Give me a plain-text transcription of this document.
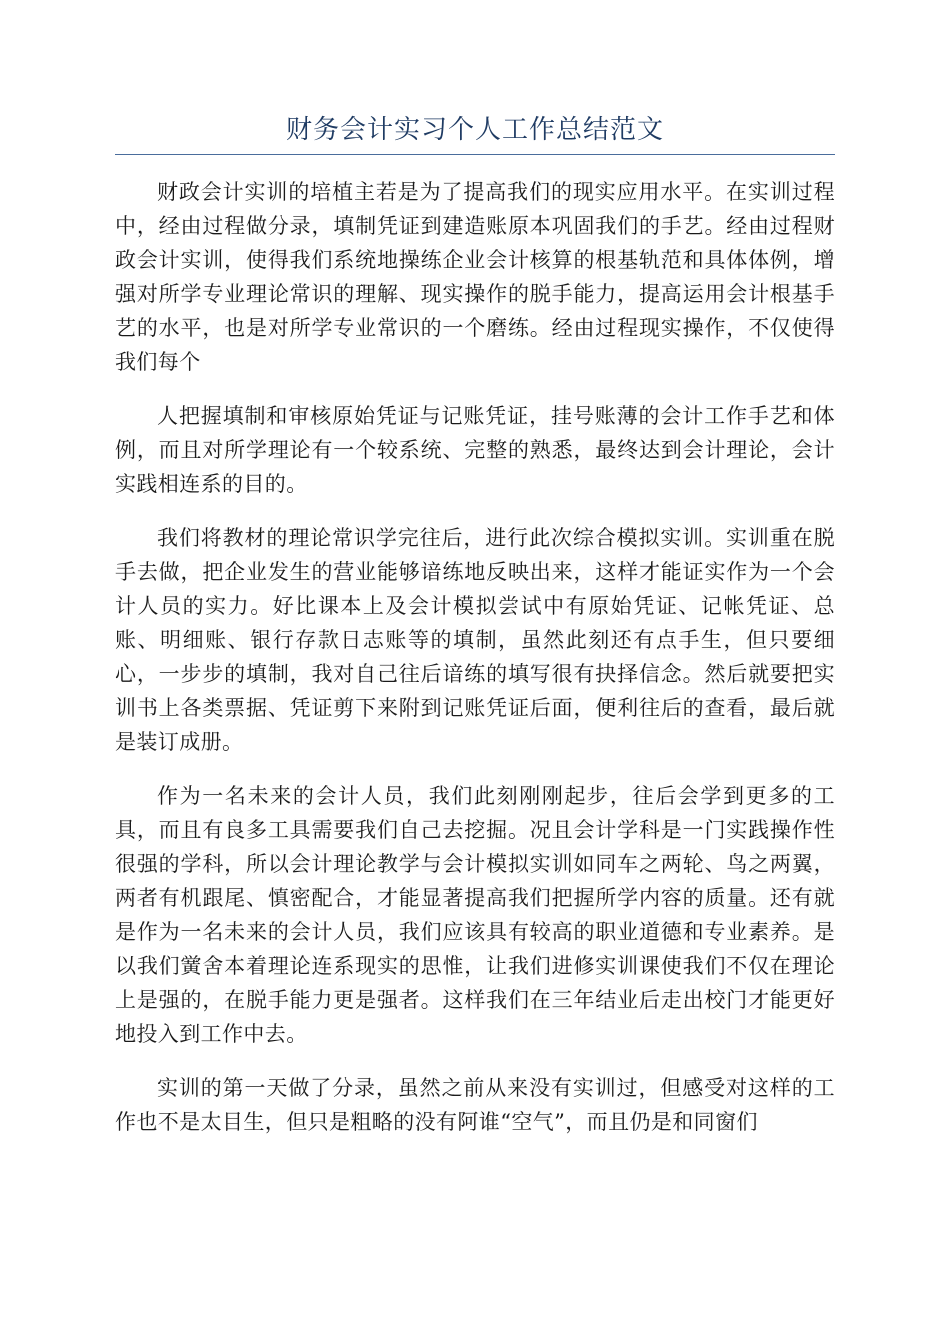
财务会计实习个人工作总结范文

财政会计实训的培植主若是为了提高我们的现实应用水平。在实训过程中，经由过程做分录，填制凭证到建造账原本巩固我们的手艺。经由过程财政会计实训，使得我们系统地操练企业会计核算的根基轨范和具体体例，增强对所学专业理论常识的理解、现实操作的脱手能力，提高运用会计根基手艺的水平，也是对所学专业常识的一个磨练。经由过程现实操作，不仅使得我们每个

人把握填制和审核原始凭证与记账凭证，挂号账薄的会计工作手艺和体例，而且对所学理论有一个较系统、完整的熟悉，最终达到会计理论，会计实践相连系的目的。

我们将教材的理论常识学完往后，进行此次综合模拟实训。实训重在脱手去做，把企业发生的营业能够谙练地反映出来，这样才能证实作为一个会计人员的实力。好比课本上及会计模拟尝试中有原始凭证、记帐凭证、总账、明细账、银行存款日志账等的填制，虽然此刻还有点手生，但只要细心，一步步的填制，我对自己往后谙练的填写很有抉择信念。然后就要把实训书上各类票据、凭证剪下来附到记账凭证后面，便利往后的查看，最后就是装订成册。

作为一名未来的会计人员，我们此刻刚刚起步，往后会学到更多的工具，而且有良多工具需要我们自己去挖掘。况且会计学科是一门实践操作性很强的学科，所以会计理论教学与会计模拟实训如同车之两轮、鸟之两翼，两者有机跟尾、慎密配合，才能显著提高我们把握所学内容的质量。还有就是作为一名未来的会计人员，我们应该具有较高的职业道德和专业素养。是以我们黉舍本着理论连系现实的思惟，让我们进修实训课使我们不仅在理论上是强的，在脱手能力更是强者。这样我们在三年结业后走出校门才能更好地投入到工作中去。

实训的第一天做了分录，虽然之前从来没有实训过，但感受对这样的工作也不是太目生，但只是粗略的没有阿谁“空气”，而且仍是和同窗们
